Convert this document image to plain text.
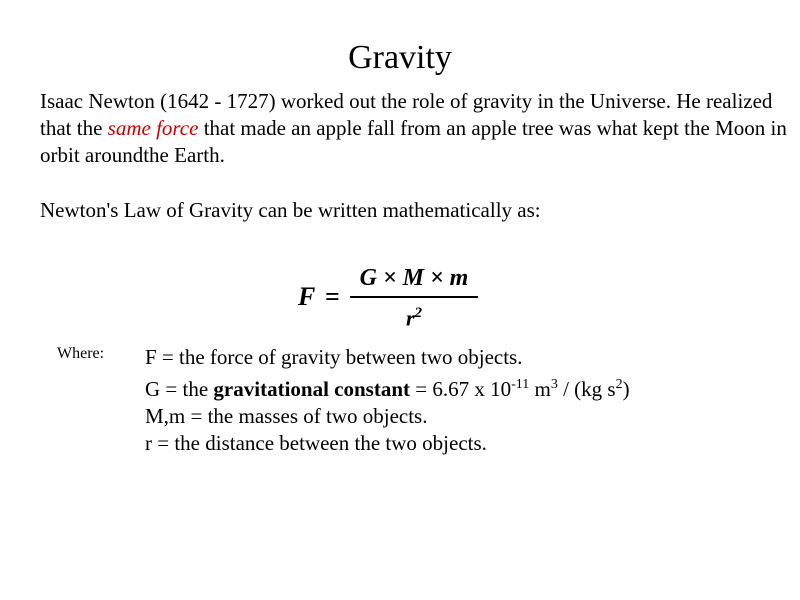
Gravity
Isaac Newton (1642 - 1727) worked out the role of gravity in the Universe. He realized that the same force that made an apple fall from an apple tree was what kept the Moon in orbit aroundthe Earth.
Newton's Law of Gravity can be written mathematically as:
F =
G × M × m
$r^2$
Where: F = the force of gravity between two objects.
G = the gravitational constant = 6.67 x $10^{-11}$ $m^3 / (kg$ $s^2$)
M,m = the masses of two objects.
r = the distance between the two objects.
